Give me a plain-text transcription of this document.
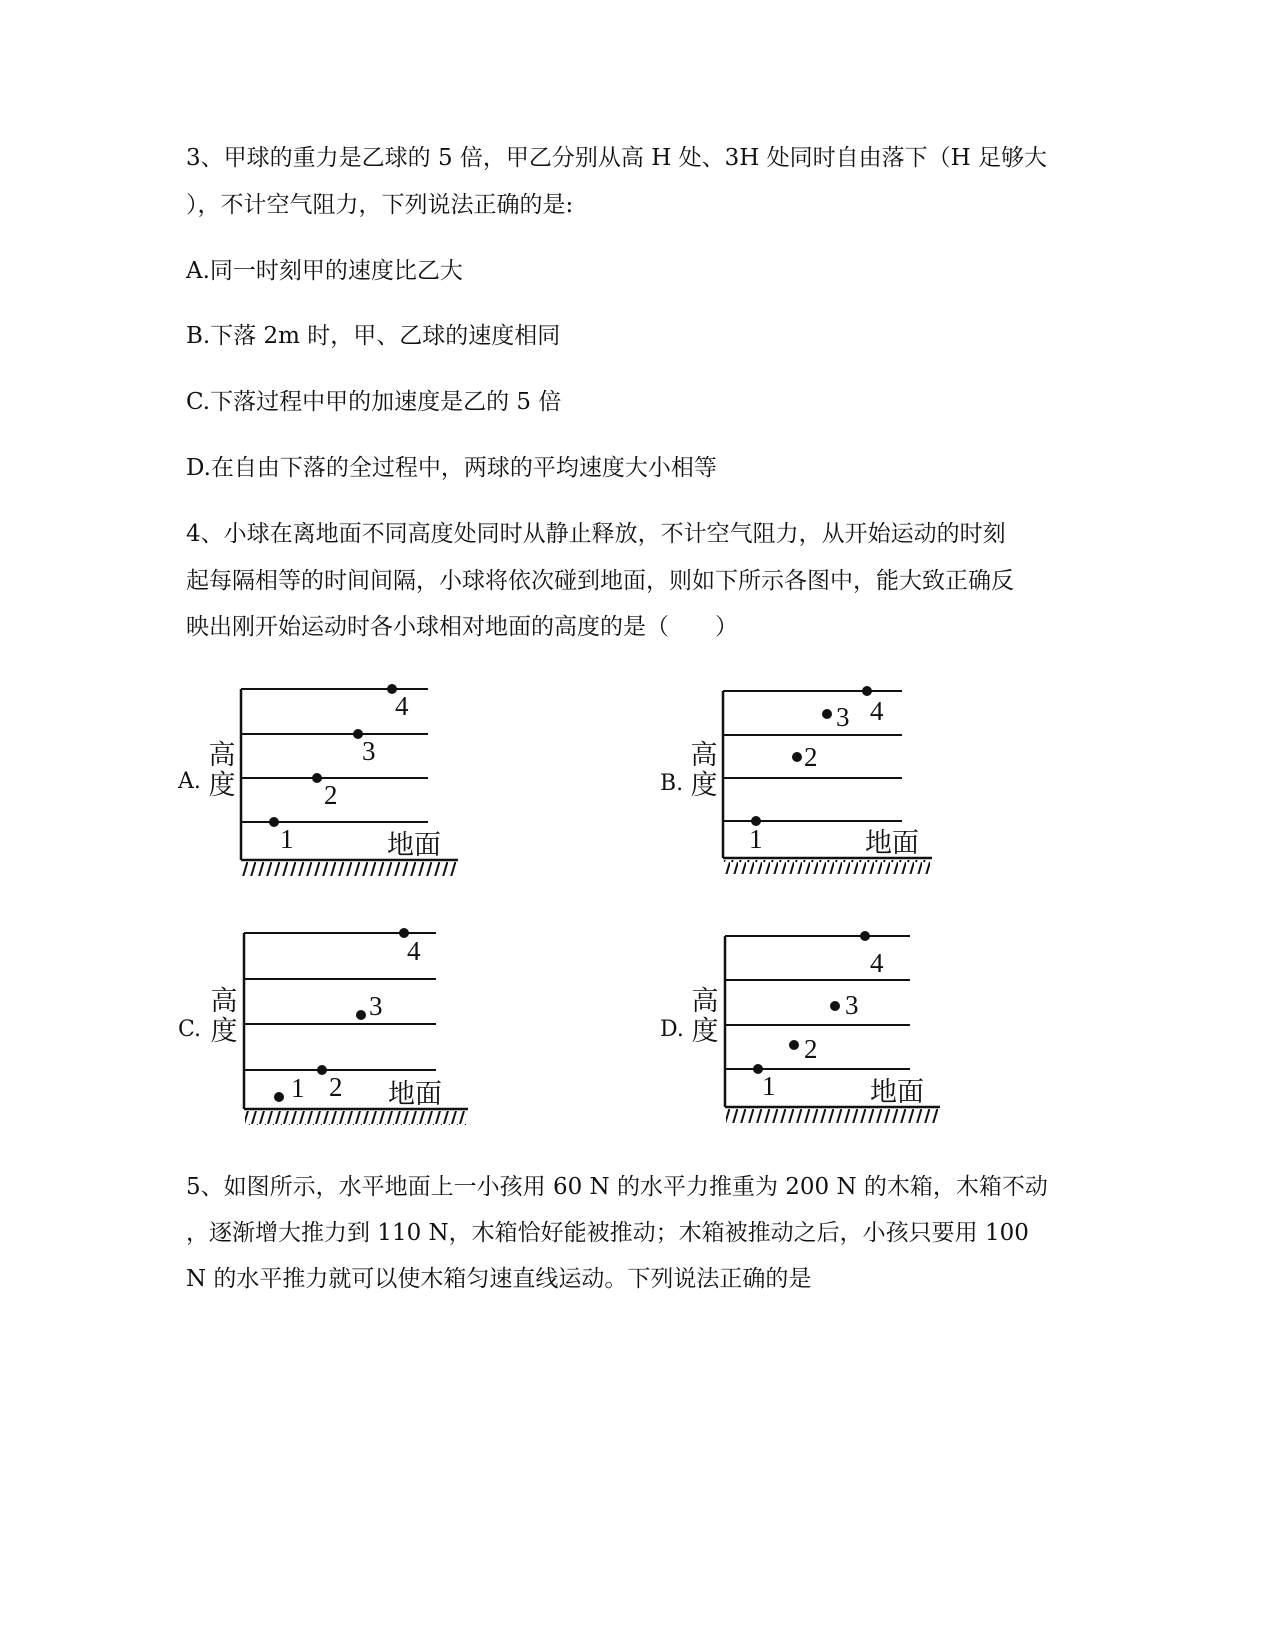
3、甲球的重力是乙球的 5 倍，甲乙分别从高 H 处、3H 处同时自由落下（H 足够大
），不计空气阻力，下列说法正确的是:
A.同一时刻甲的速度比乙大
B.下落 2m 时，甲、乙球的速度相同
C.下落过程中甲的加速度是乙的 5 倍
D.在自由下落的全过程中，两球的平均速度大小相等
4、小球在离地面不同高度处同时从静止释放，不计空气阻力，从开始运动的时刻
起每隔相等的时间间隔，小球将依次碰到地面，则如下所示各图中，能大致正确反
映出刚开始运动时各小球相对地面的高度的是（　　）
A.
高
度
地面
4
3
2
1
B.
高
度
地面
4
3
2
1
C.
高
度
地面
4
3
2
1
D.
高
度
地面
4
3
2
1
5、如图所示，水平地面上一小孩用 60 N 的水平力推重为 200 N 的木箱，木箱不动
，逐渐增大推力到 110 N，木箱恰好能被推动；木箱被推动之后，小孩只要用 100
N 的水平推力就可以使木箱匀速直线运动。下列说法正确的是
